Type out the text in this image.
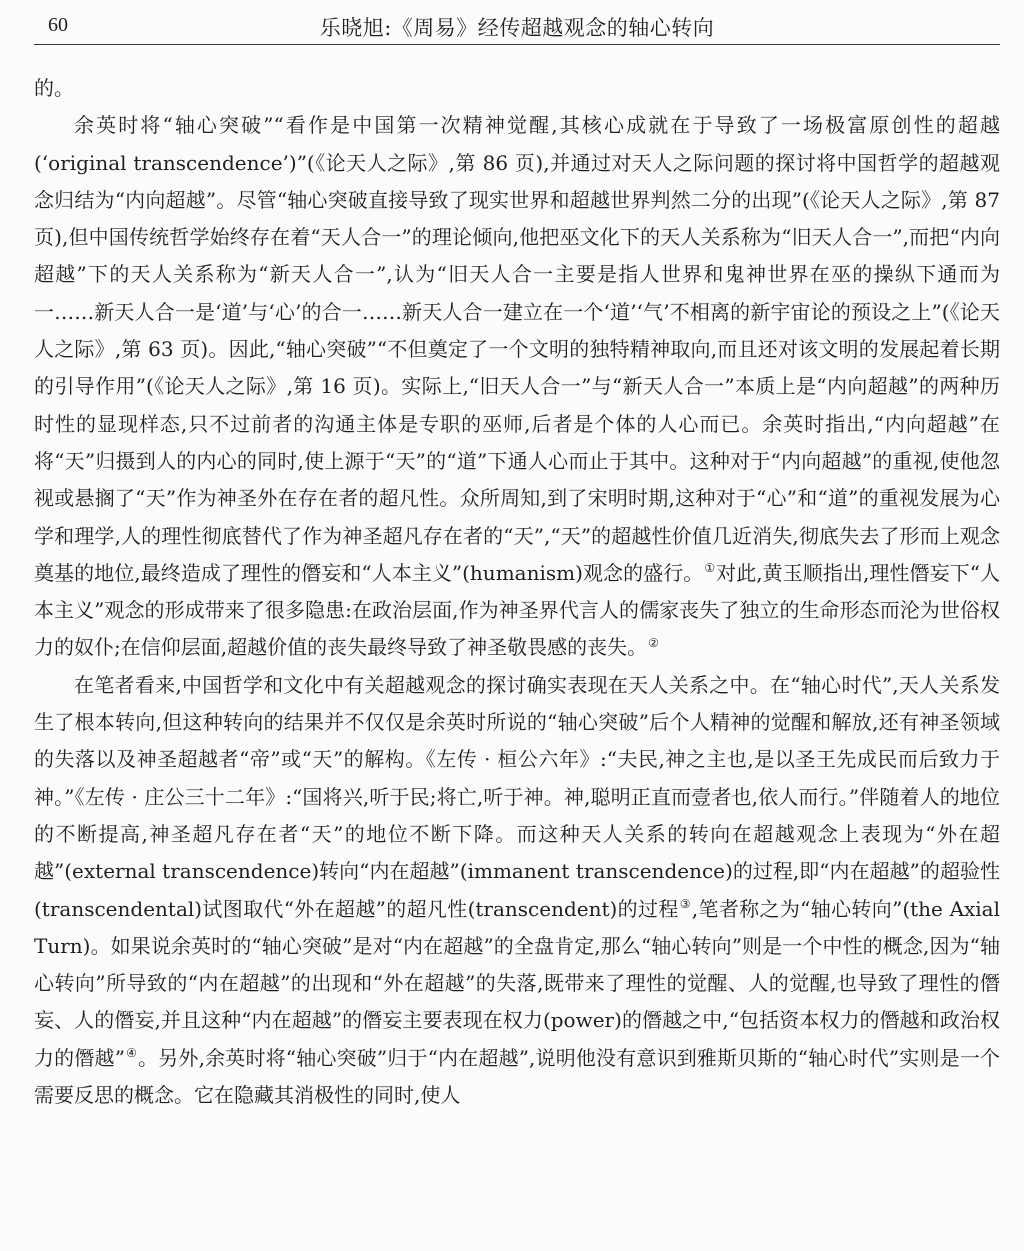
60	乐晓旭:《周易》经传超越观念的轴心转向

的。

余英时将“轴心突破”“看作是中国第一次精神觉醒,其核心成就在于导致了一场极富原创性的超越(‘original transcendence’)”(《论天人之际》,第 86 页),并通过对天人之际问题的探讨将中国哲学的超越观念归结为“内向超越”。尽管“轴心突破直接导致了现实世界和超越世界判然二分的出现”(《论天人之际》,第 87 页),但中国传统哲学始终存在着“天人合一”的理论倾向,他把巫文化下的天人关系称为“旧天人合一”,而把“内向超越”下的天人关系称为“新天人合一”,认为“旧天人合一主要是指人世界和鬼神世界在巫的操纵下通而为一……新天人合一是‘道’与‘心’的合一……新天人合一建立在一个‘道’‘气’不相离的新宇宙论的预设之上”(《论天人之际》,第 63 页)。因此,“轴心突破”“不但奠定了一个文明的独特精神取向,而且还对该文明的发展起着长期的引导作用”(《论天人之际》,第 16 页)。实际上,“旧天人合一”与“新天人合一”本质上是“内向超越”的两种历时性的显现样态,只不过前者的沟通主体是专职的巫师,后者是个体的人心而已。余英时指出,“内向超越”在将“天”归摄到人的内心的同时,使上源于“天”的“道”下通人心而止于其中。这种对于“内向超越”的重视,使他忽视或悬搁了“天”作为神圣外在存在者的超凡性。众所周知,到了宋明时期,这种对于“心”和“道”的重视发展为心学和理学,人的理性彻底替代了作为神圣超凡存在者的“天”,“天”的超越性价值几近消失,彻底失去了形而上观念奠基的地位,最终造成了理性的僭妄和“人本主义”(humanism)观念的盛行。①对此,黄玉顺指出,理性僭妄下“人本主义”观念的形成带来了很多隐患:在政治层面,作为神圣界代言人的儒家丧失了独立的生命形态而沦为世俗权力的奴仆;在信仰层面,超越价值的丧失最终导致了神圣敬畏感的丧失。②

在笔者看来,中国哲学和文化中有关超越观念的探讨确实表现在天人关系之中。在“轴心时代”,天人关系发生了根本转向,但这种转向的结果并不仅仅是余英时所说的“轴心突破”后个人精神的觉醒和解放,还有神圣领域的失落以及神圣超越者“帝”或“天”的解构。《左传 · 桓公六年》:“夫民,神之主也,是以圣王先成民而后致力于神。”《左传 · 庄公三十二年》:“国将兴,听于民;将亡,听于神。神,聪明正直而壹者也,依人而行。”伴随着人的地位的不断提高,神圣超凡存在者“天”的地位不断下降。而这种天人关系的转向在超越观念上表现为“外在超越”(external transcendence)转向“内在超越”(immanent transcendence)的过程,即“内在超越”的超验性(transcendental)试图取代“外在超越”的超凡性(transcendent)的过程③,笔者称之为“轴心转向”(the Axial Turn)。如果说余英时的“轴心突破”是对“内在超越”的全盘肯定,那么“轴心转向”则是一个中性的概念,因为“轴心转向”所导致的“内在超越”的出现和“外在超越”的失落,既带来了理性的觉醒、人的觉醒,也导致了理性的僭妄、人的僭妄,并且这种“内在超越”的僭妄主要表现在权力(power)的僭越之中,“包括资本权力的僭越和政治权力的僭越”④。另外,余英时将“轴心突破”归于“内在超越”,说明他没有意识到雅斯贝斯的“轴心时代”实则是一个需要反思的概念。它在隐藏其消极性的同时,使人
